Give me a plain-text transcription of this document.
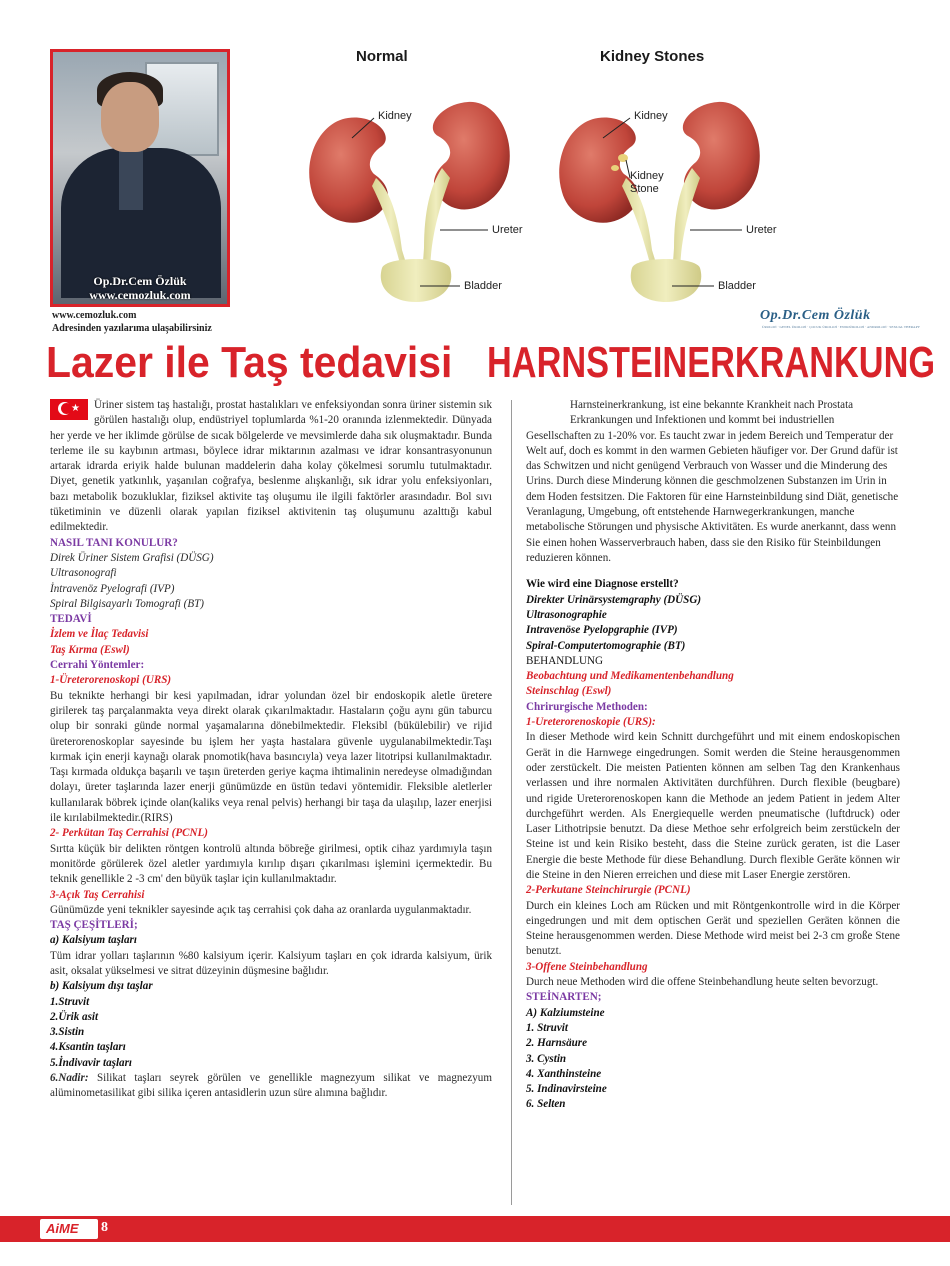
Op.Dr.Cem Özlük
www.cemozluk.com
www.cemozluk.com
Adresinden yazılarıma ulaşabilirsiniz
Normal	Kidney Stones
Kidney
Ureter
Bladder
Kidney
Kidney Stone
Ureter
Bladder
Op.Dr.Cem Özlük
ÜROLOJİ · GENEL ÜROLOJİ · ÇOCUK ÜROLOJİ · ENDOÜROLOJİ · ANDROLOJİ · SEXUAL THERAPY
Lazer ile Taş tedavisi HARNSTEINERKRANKUNG

★ Üriner sistem taş hastalığı, prostat hastalıkları ve enfeksiyondan sonra üriner sistemin sık görülen hastalığı olup, endüstriyel toplumlarda %1-20 oranında izlenmektedir. Dünyada her yerde ve her iklimde görülse de sıcak bölgelerde ve mevsimlerde daha sık oluşmaktadır. Bunda terleme ile su kaybının artması, böylece idrar miktarının azalması ve idrar konsantrasyonunun artarak idrarda eriyik halde bulunan maddelerin daha kolay çökelmesi sorumlu tutulmaktadır. Diyet, genetik yatkınlık, yaşanılan coğrafya, beslenme alışkanlığı, sık idrar yolu enfeksiyonları, bazı metabolik bozukluklar, fiziksel aktivite taş oluşumu ile ilgili faktörler arasındadır. Bol sıvı tüketiminin ve düzenli olarak yapılan fiziksel aktivitenin taş oluşumunu azalttığı kabul edilmektedir.

NASIL TANI KONULUR?

Direk Üriner Sistem Grafisi (DÜSG)
Ultrasonografi
İntravenöz Pyelografi (IVP)
Spiral Bilgisayarlı Tomografi (BT)

TEDAVİ

İzlem ve İlaç Tedavisi

Taş Kırma (Eswl)

Cerrahi Yöntemler:

1-Üreterorenoskopi (URS)

Bu teknikte herhangi bir kesi yapılmadan, idrar yolundan özel bir endoskopik aletle üretere girilerek taş parçalanmakta veya direkt olarak çıkarılmaktadır. Hastaların çoğu aynı gün taburcu olup bir sonraki günde normal yaşamalarına dönebilmektedir. Fleksibl (bükülebilir) ve rijid üreterorenoskoplar sayesinde bu işlem her yaşta hastalara güvenle uygulanabilmektedir.Taşı kırmak için enerji kaynağı olarak pnomotik(hava basıncıyla) veya lazer litotripsi kullanılmaktadır. Taşı kırmada oldukça başarılı ve taşın üreterden geriye kaçma ihtimalinin neredeyse olmadığından dolayı, üreter taşlarında lazer enerji günümüzde en üstün tedavi yöntemidir. Fleksible aletlerler kullanılarak böbrek içinde olan(kaliks veya renal pelvis) herhangi bir taşa da ulaşılıp, lazer enerjisi ile kırılabilmektedir.(RIRS)

2- Perkütan Taş Cerrahisi (PCNL)

Sırtta küçük bir delikten röntgen kontrolü altında böbreğe girilmesi, optik cihaz yardımıyla taşın monitörde görülerek özel aletler yardımıyla kırılıp dışarı çıkarılması işlemini içermektedir. Bu teknik genellikle 2 -3 cm' den büyük taşlar için kullanılmaktadır.

3-Açık Taş Cerrahisi

Günümüzde yeni teknikler sayesinde açık taş cerrahisi çok daha az oranlarda uygulanmaktadır.

TAŞ ÇEŞİTLERİ;

a) Kalsiyum taşları

Tüm idrar yolları taşlarının %80 kalsiyum içerir. Kalsiyum taşları en çok idrarda kalsiyum, ürik asit, oksalat yükselmesi ve sitrat düzeyinin düşmesine bağlıdır.

b) Kalsiyum dışı taşlar

1.Struvit
2.Ürik asit
3.Sistin
4.Ksantin taşları
5.İndivavir taşları

6.Nadir: Silikat taşları seyrek görülen ve genellikle magnezyum silikat ve magnezyum alüminometasilikat gibi silika içeren antasidlerin uzun süre alımına bağlıdır.

Harnsteinerkrankung, ist eine bekannte Krankheit nach Prostata Erkrankungen und Infektionen und kommt bei industriellen Gesellschaften zu 1-20% vor. Es taucht zwar in jedem Bereich und Temperatur der Welt auf, doch es kommt in den warmen Gebieten häufiger vor. Der Grund dafür ist das Schwitzen und nicht genügend Verbrauch von Wasser und die Minderung des Urins. Durch diese Minderung können die geschmolzenen Substanzen im Urin in dem Hoden festsitzen. Die Faktoren für eine Harnsteinbildung sind Diät, genetische Veranlagung, Umgebung, oft entstehende Harnwegerkrankungen, manche metabolische Störungen und physische Aktivitäten. Es wurde anerkannt, dass wenn Sie einen hohen Wasserverbrauch haben, dass sie den Risiko für Steinbildungen reduzieren können.

Wie wird eine Diagnose erstellt?

Direkter Urinärsystemgraphy (DÜSG)
Ultrasonographie
Intravenöse Pyelopgraphie (IVP)
Spiral-Computertomographie (BT)

BEHANDLUNG

Beobachtung und Medikamentenbehandlung

Steinschlag (Eswl)

Chrirurgische Methoden:

1-Ureterorenoskopie (URS):

In dieser Methode wird kein Schnitt durchgeführt und mit einem endoskopischen Gerät in die Harnwege eingedrungen. Somit werden die Steine herausgenommen oder zerstückelt. Die meisten Patienten können am selben Tag den Krankenhaus verlassen und ihre normalen Aktivitäten durchführen. Durch flexible (beugbare) und rigide Ureterorenoskopen kann die Methode an jedem Patient in jedem Alter durchgeführt werden. Als Energiequelle werden pneumatische (luftdruck) oder Laser Lithotripsie benutzt. Da diese Methoe sehr erfolgreich beim zerstückeln der Steine ist und kein Risiko besteht, dass die Steine zurück geraten, ist die Laser Energie die beste Methode für diese Behandlung. Durch flexible Geräte können wir die Steine in den Nieren erreichen und diese mit Laser Energie zerstören.

2-Perkutane Steinchirurgie (PCNL)

Durch ein kleines Loch am Rücken und mit Röntgenkontrolle wird in die Körper eingedrungen und mit dem optischen Gerät und speziellen Geräten können die Steine herausgenommen werden. Diese Methode wird meist bei 2-3 cm große Stene benutzt.

3-Offene Steinbehandlung

Durch neue Methoden wird die offene Steinbehandlung heute selten bevorzugt.

STEİNARTEN;

A) Kalziumsteine
1. Struvit
2. Harnsäure
3. Cystin
4. Xanthinsteine
5. Indinavirsteine
6. Selten
AiME 8
